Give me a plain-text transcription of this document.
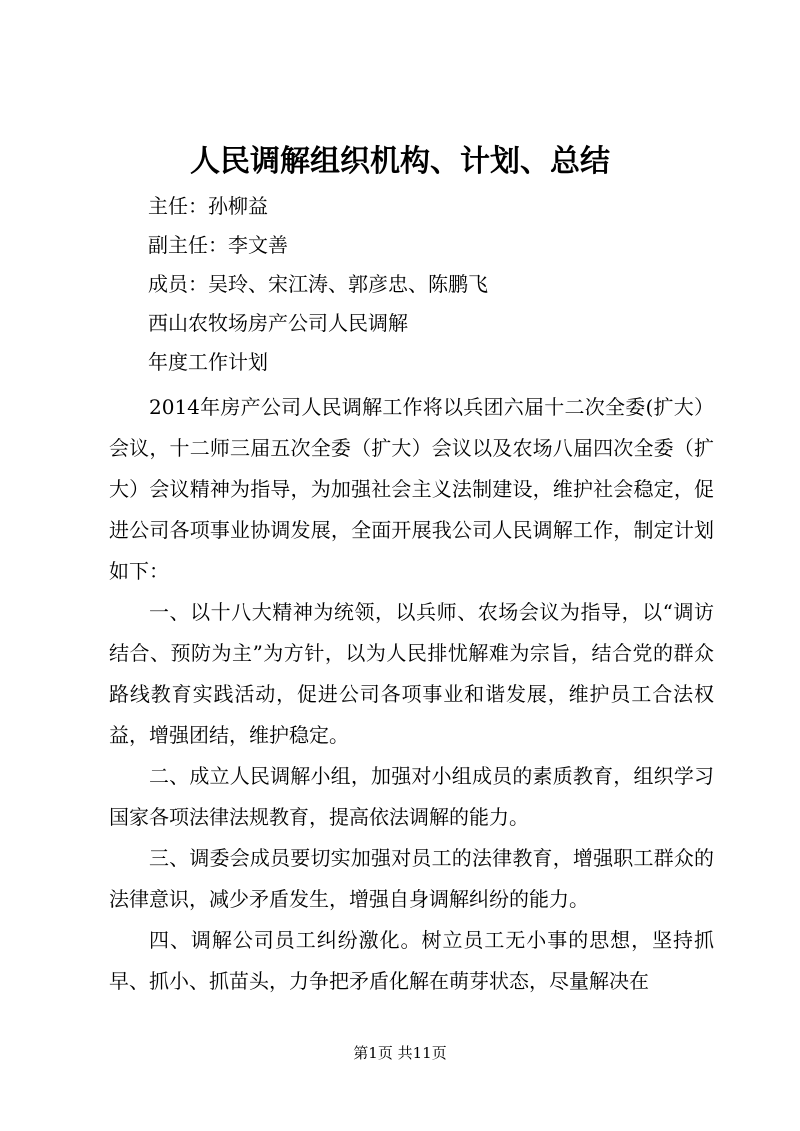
人民调解组织机构、计划、总结
主任：孙柳益
副主任：李文善
成员：吴玲、宋江涛、郭彦忠、陈鹏飞
西山农牧场房产公司人民调解
年度工作计划

2014年房产公司人民调解工作将以兵团六届十二次全委(扩大）会议，十二师三届五次全委（扩大）会议以及农场八届四次全委（扩大）会议精神为指导，为加强社会主义法制建设，维护社会稳定，促进公司各项事业协调发展，全面开展我公司人民调解工作，制定计划如下：

一、以十八大精神为统领，以兵师、农场会议为指导，以“调访结合、预防为主”为方针，以为人民排忧解难为宗旨，结合党的群众路线教育实践活动，促进公司各项事业和谐发展，维护员工合法权益，增强团结，维护稳定。

二、成立人民调解小组，加强对小组成员的素质教育，组织学习国家各项法律法规教育，提高依法调解的能力。

三、调委会成员要切实加强对员工的法律教育，增强职工群众的法律意识，减少矛盾发生，增强自身调解纠纷的能力。

四、调解公司员工纠纷激化。树立员工无小事的思想，坚持抓早、抓小、抓苗头，力争把矛盾化解在萌芽状态，尽量解决在

第1页 共11页
